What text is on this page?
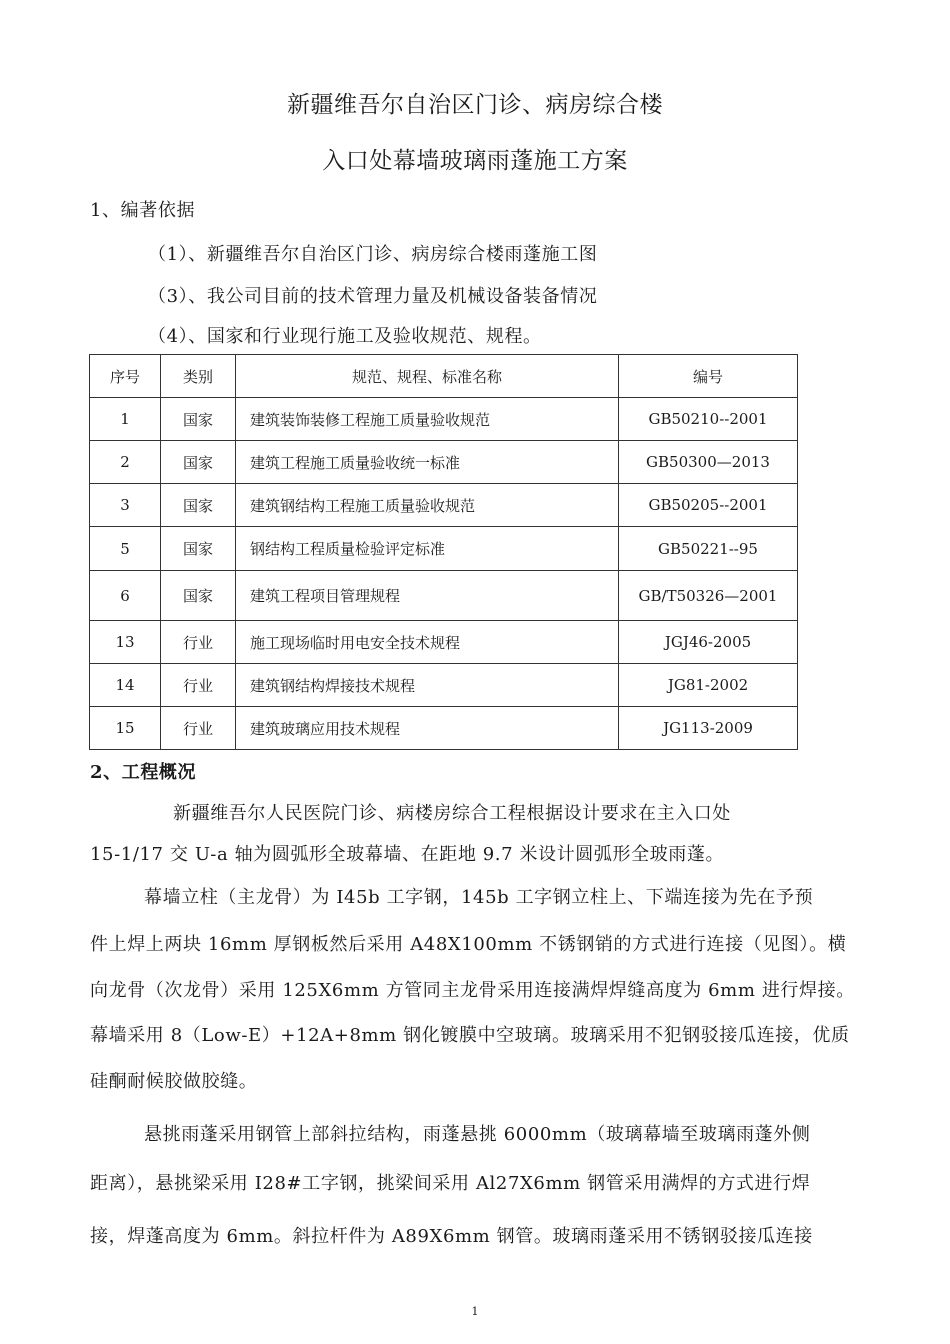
新疆维吾尔自治区门诊、病房综合楼
入口处幕墙玻璃雨蓬施工方案
1、编著依据
（1）、新疆维吾尔自治区门诊、病房综合楼雨蓬施工图
（3）、我公司目前的技术管理力量及机械设备装备情况
（4）、国家和行业现行施工及验收规范、规程。
序号	类别	规范、规程、标准名称	编号
1	国家	建筑装饰装修工程施工质量验收规范	GB50210--2001
2	国家	建筑工程施工质量验收统一标准	GB50300—2013
3	国家	建筑钢结构工程施工质量验收规范	GB50205--2001
5	国家	钢结构工程质量检验评定标准	GB50221--95
6	国家	建筑工程项目管理规程	GB/T50326—2001
13	行业	施工现场临时用电安全技术规程	JGJ46-2005
14	行业	建筑钢结构焊接技术规程	JG81-2002
15	行业	建筑玻璃应用技术规程	JG113-2009
2、工程概况
新疆维吾尔人民医院门诊、病楼房综合工程根据设计要求在主入口处
15-1/17 交 U-a 轴为圆弧形全玻幕墙、在距地 9.7 米设计圆弧形全玻雨蓬。
幕墙立柱（主龙骨）为 I45b 工字钢，145b 工字钢立柱上、下端连接为先在予预
件上焊上两块 16mm 厚钢板然后采用 A48X100mm 不锈钢销的方式进行连接（见图）。横
向龙骨（次龙骨）采用 125X6mm 方管同主龙骨采用连接满焊焊缝高度为 6mm 进行焊接。
幕墙采用 8（Low-E）+12A+8mm 钢化镀膜中空玻璃。玻璃采用不犯钢驳接瓜连接，优质
硅酮耐候胶做胶缝。
悬挑雨蓬采用钢管上部斜拉结构，雨蓬悬挑 6000mm（玻璃幕墙至玻璃雨蓬外侧
距离），悬挑梁采用 I28#工字钢，挑梁间采用 Al27X6mm 钢管采用满焊的方式进行焊
接，焊蓬高度为 6mm。斜拉杆件为 A89X6mm 钢管。玻璃雨蓬采用不锈钢驳接瓜连接
1
